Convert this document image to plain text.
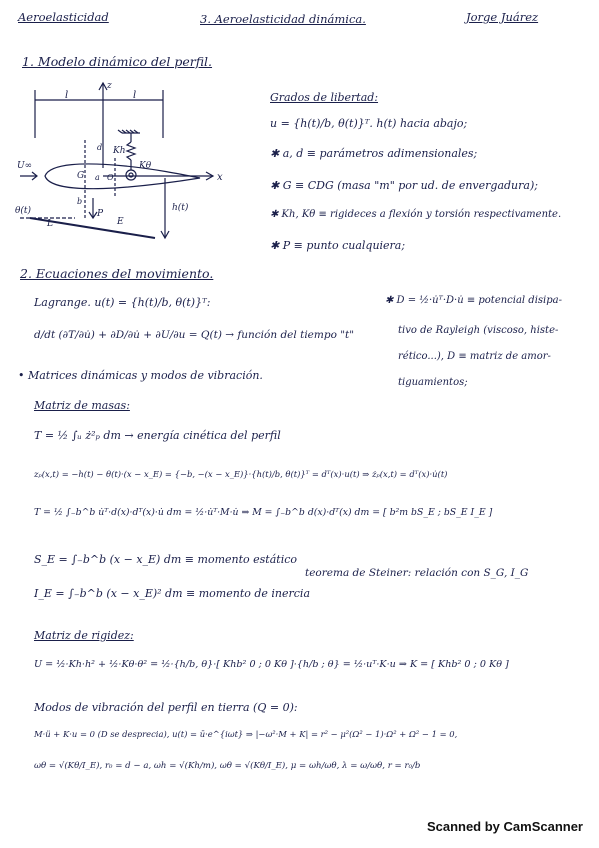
Aeroelasticidad	3. Aeroelasticidad dinámica.	Jorge Juárez
1. Modelo dinámico del perfil.
l	l
z
x
Kh
Kθ
U∞
G	O
a
d
h(t)
θ(t)	P
E
b
L
Grados de libertad:
u = {h(t)/b, θ(t)}ᵀ. h(t) hacia abajo;
✱ a, d ≡ parámetros adimensionales;
✱ G ≡ CDG (masa "m" por ud. de envergadura);
✱ Kh, Kθ ≡ rigideces a flexión y torsión respectivamente.
✱ P ≡ punto cualquiera;
2. Ecuaciones del movimiento.
Lagrange. u(t) = {h(t)/b, θ(t)}ᵀ:
d/dt (∂T/∂u̇) + ∂D/∂u̇ + ∂U/∂u = Q(t) → función del tiempo "t"
✱ D = ½·u̇ᵀ·D·u̇ ≡ potencial disipa-
tivo de Rayleigh (viscoso, histe-
rético...), D ≡ matriz de amor-
tiguamientos;
• Matrices dinámicas y modos de vibración.
Matriz de masas:
T = ½ ∫ᵤ ż²ₚ dm → energía cinética del perfil
zₚ(x,t) = −h(t) − θ(t)·(x − x_E) = {−b, −(x − x_E)}·{h(t)/b, θ(t)}ᵀ = dᵀ(x)·u(t) ⇒ żₚ(x,t) = dᵀ(x)·u̇(t)
T = ½ ∫₋b^b u̇ᵀ·d(x)·dᵀ(x)·u̇ dm = ½·u̇ᵀ·M·u̇ ⇒ M = ∫₋b^b d(x)·dᵀ(x) dm = [ b²m bS_E ; bS_E I_E ]
S_E = ∫₋b^b (x − x_E) dm ≡ momento estático
I_E = ∫₋b^b (x − x_E)² dm ≡ momento de inercia
teorema de Steiner: relación con S_G, I_G
Matriz de rigidez:
U = ½·Kh·h² + ½·Kθ·θ² = ½·{h/b, θ}·[ Khb² 0 ; 0 Kθ ]·{h/b ; θ} = ½·uᵀ·K·u ⇒ K = [ Khb² 0 ; 0 Kθ ]
Modos de vibración del perfil en tierra (Q = 0):
M·ü + K·u = 0 (D se desprecia), u(t) = ū·e^{iωt} ⇒ |−ω²·M + K| = r² − μ²(Ω² − 1)·Ω² + Ω² − 1 = 0,
ωθ = √(Kθ/I_E), r₀ = d − a, ωh = √(Kh/m), ωθ = √(Kθ/I_E), μ = ωh/ωθ, λ = ω/ωθ, r = r₀/b
Scanned by CamScanner
